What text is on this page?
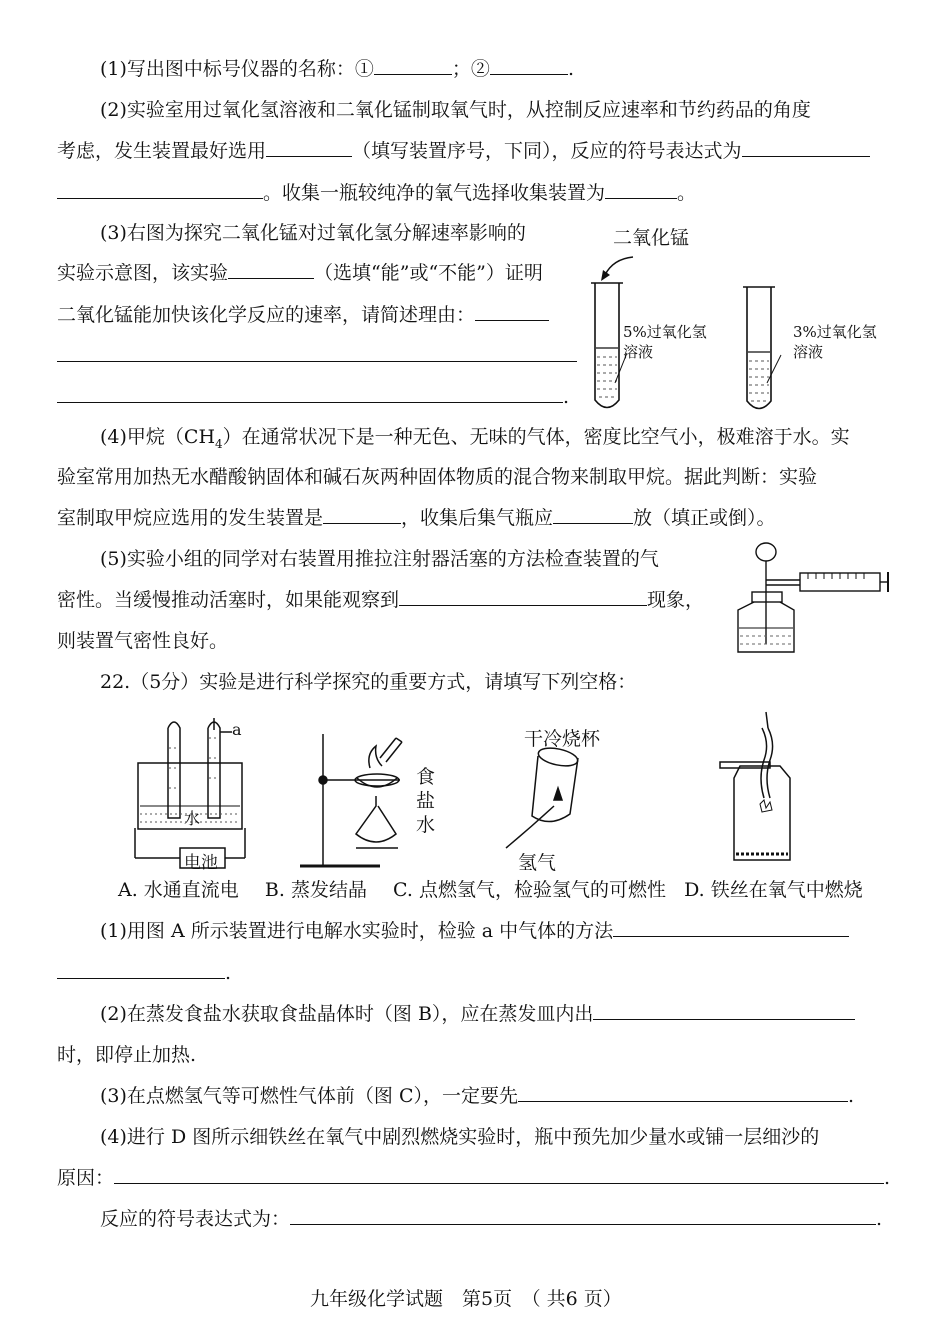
(1)写出图中标号仪器的名称：①	；②	.
(2)实验室用过氧化氢溶液和二氧化锰制取氧气时，从控制反应速率和节约药品的角度
考虑，发生装置最好选用	（填写装置序号，下同），反应的符号表达式为
。收集一瓶较纯净的氧气选择收集装置为	。
(3)右图为探究二氧化锰对过氧化氢分解速率影响的
实验示意图，该实验	（选填“能”或“不能”）证明
二氧化锰能加快该化学反应的速率，请简述理由：
.
二氧化锰
5%过氧化氢
溶液
3%过氧化氢
溶液
(4)甲烷$(CH_4)$在通常状况下是一种无色、无味的气体，密度比空气小，极难溶于水。实
验室常用加热无水醋酸钠固体和碱石灰两种固体物质的混合物来制取甲烷。据此判断：实验
室制取甲烷应选用的发生装置是	，收集后集气瓶应	放（填正或倒）。
(5)实验小组的同学对右装置用推拉注射器活塞的方法检查装置的气
密性。当缓慢推动活塞时，如果能观察到	现象，
则装置气密性良好。
22.（5分）实验是进行科学探究的重要方式，请填写下列空格：
a
水
电池
食
盐
水
干冷烧杯
氢气
A. 水通直流电 B. 蒸发结晶 C. 点燃氢气，检验氢气的可燃性 D. 铁丝在氧气中燃烧
(1)用图 A 所示装置进行电解水实验时，检验 a 中气体的方法
.
(2)在蒸发食盐水获取食盐晶体时（图 B），应在蒸发皿内出
时，即停止加热.
(3)在点燃氢气等可燃性气体前（图 C），一定要先	.
(4)进行 D 图所示细铁丝在氧气中剧烈燃烧实验时，瓶中预先加少量水或铺一层细沙的
原因：	.
反应的符号表达式为：	.
九年级化学试题　第5页　（ 共6 页）
